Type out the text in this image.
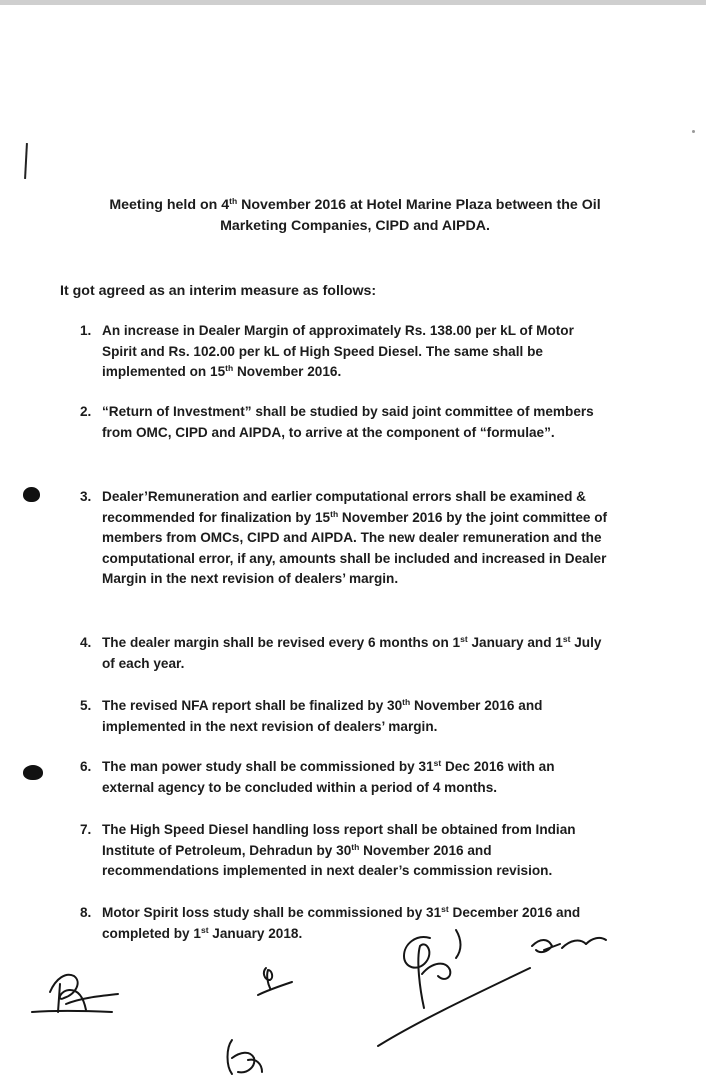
Meeting held on 4th November 2016 at Hotel Marine Plaza between the Oil
Marketing Companies, CIPD and AIPDA.
It got agreed as an interim measure as follows:
1. An increase in Dealer Margin of approximately Rs. 138.00 per kL of Motor Spirit and Rs. 102.00 per kL of High Speed Diesel. The same shall be implemented on 15th November 2016.
2. “Return of Investment” shall be studied by said joint committee of members from OMC, CIPD and AIPDA, to arrive at the component of “formulae”.
3. Dealer’Remuneration and earlier computational errors shall be examined & recommended for finalization by 15th November 2016 by the joint committee of members from OMCs, CIPD and AIPDA. The new dealer remuneration and the computational error, if any, amounts shall be included and increased in Dealer Margin in the next revision of dealers’ margin.
4. The dealer margin shall be revised every 6 months on 1st January and 1st July of each year.
5. The revised NFA report shall be finalized by 30th November 2016 and implemented in the next revision of dealers’ margin.
6. The man power study shall be commissioned by 31st Dec 2016 with an external agency to be concluded within a period of 4 months.
7. The High Speed Diesel handling loss report shall be obtained from Indian Institute of Petroleum, Dehradun by 30th November 2016 and recommendations implemented in next dealer’s commission revision.
8. Motor Spirit loss study shall be commissioned by 31st December 2016 and completed by 1st January 2018.
